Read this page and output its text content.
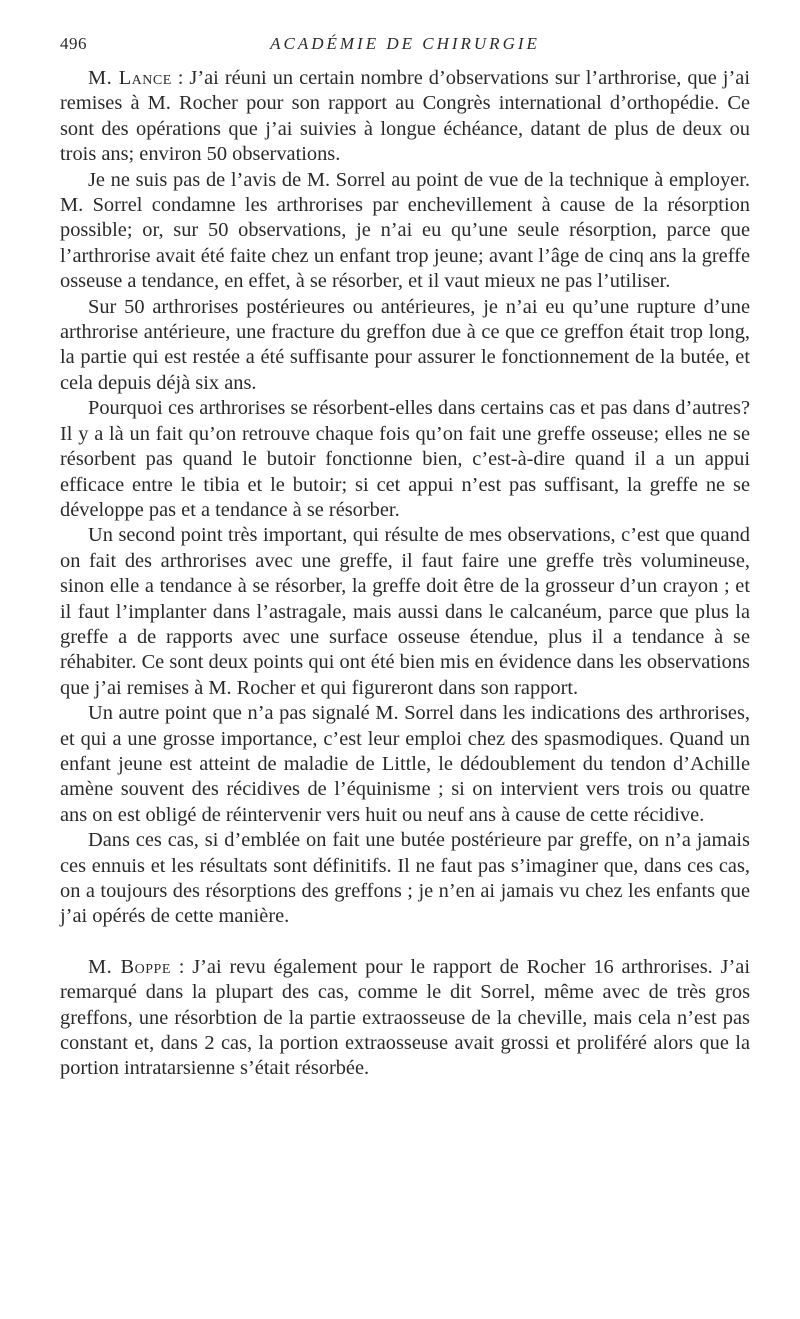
496	ACADÉMIE DE CHIRURGIE

M. Lance : J’ai réuni un certain nombre d’observations sur l’arthrorise, que j’ai remises à M. Rocher pour son rapport au Congrès international d’orthopédie. Ce sont des opérations que j’ai suivies à longue échéance, datant de plus de deux ou trois ans; environ 50 observations.

Je ne suis pas de l’avis de M. Sorrel au point de vue de la technique à employer. M. Sorrel condamne les arthrorises par enchevillement à cause de la résorption possible; or, sur 50 observations, je n’ai eu qu’une seule résorption, parce que l’arthrorise avait été faite chez un enfant trop jeune; avant l’âge de cinq ans la greffe osseuse a tendance, en effet, à se résorber, et il vaut mieux ne pas l’utiliser.

Sur 50 arthrorises postérieures ou antérieures, je n’ai eu qu’une rupture d’une arthrorise antérieure, une fracture du greffon due à ce que ce greffon était trop long, la partie qui est restée a été suffisante pour assurer le fonctionnement de la butée, et cela depuis déjà six ans.

Pourquoi ces arthrorises se résorbent-elles dans certains cas et pas dans d’autres? Il y a là un fait qu’on retrouve chaque fois qu’on fait une greffe osseuse; elles ne se résorbent pas quand le butoir fonctionne bien, c’est-à-dire quand il a un appui efficace entre le tibia et le butoir; si cet appui n’est pas suffisant, la greffe ne se développe pas et a tendance à se résorber.

Un second point très important, qui résulte de mes observations, c’est que quand on fait des arthrorises avec une greffe, il faut faire une greffe très volumineuse, sinon elle a tendance à se résorber, la greffe doit être de la grosseur d’un crayon ; et il faut l’implanter dans l’astragale, mais aussi dans le calcanéum, parce que plus la greffe a de rapports avec une surface osseuse étendue, plus il a tendance à se réhabiter. Ce sont deux points qui ont été bien mis en évidence dans les observations que j’ai remises à M. Rocher et qui figureront dans son rapport.

Un autre point que n’a pas signalé M. Sorrel dans les indications des arthrorises, et qui a une grosse importance, c’est leur emploi chez des spasmodiques. Quand un enfant jeune est atteint de maladie de Little, le dédoublement du tendon d’Achille amène souvent des récidives de l’équinisme ; si on intervient vers trois ou quatre ans on est obligé de réintervenir vers huit ou neuf ans à cause de cette récidive.

Dans ces cas, si d’emblée on fait une butée postérieure par greffe, on n’a jamais ces ennuis et les résultats sont définitifs. Il ne faut pas s’imaginer que, dans ces cas, on a toujours des résorptions des greffons ; je n’en ai jamais vu chez les enfants que j’ai opérés de cette manière.

M. Boppe : J’ai revu également pour le rapport de Rocher 16 arthrorises. J’ai remarqué dans la plupart des cas, comme le dit Sorrel, même avec de très gros greffons, une résorbtion de la partie extraosseuse de la cheville, mais cela n’est pas constant et, dans 2 cas, la portion extraosseuse avait grossi et proliféré alors que la portion intratarsienne s’était résorbée.
